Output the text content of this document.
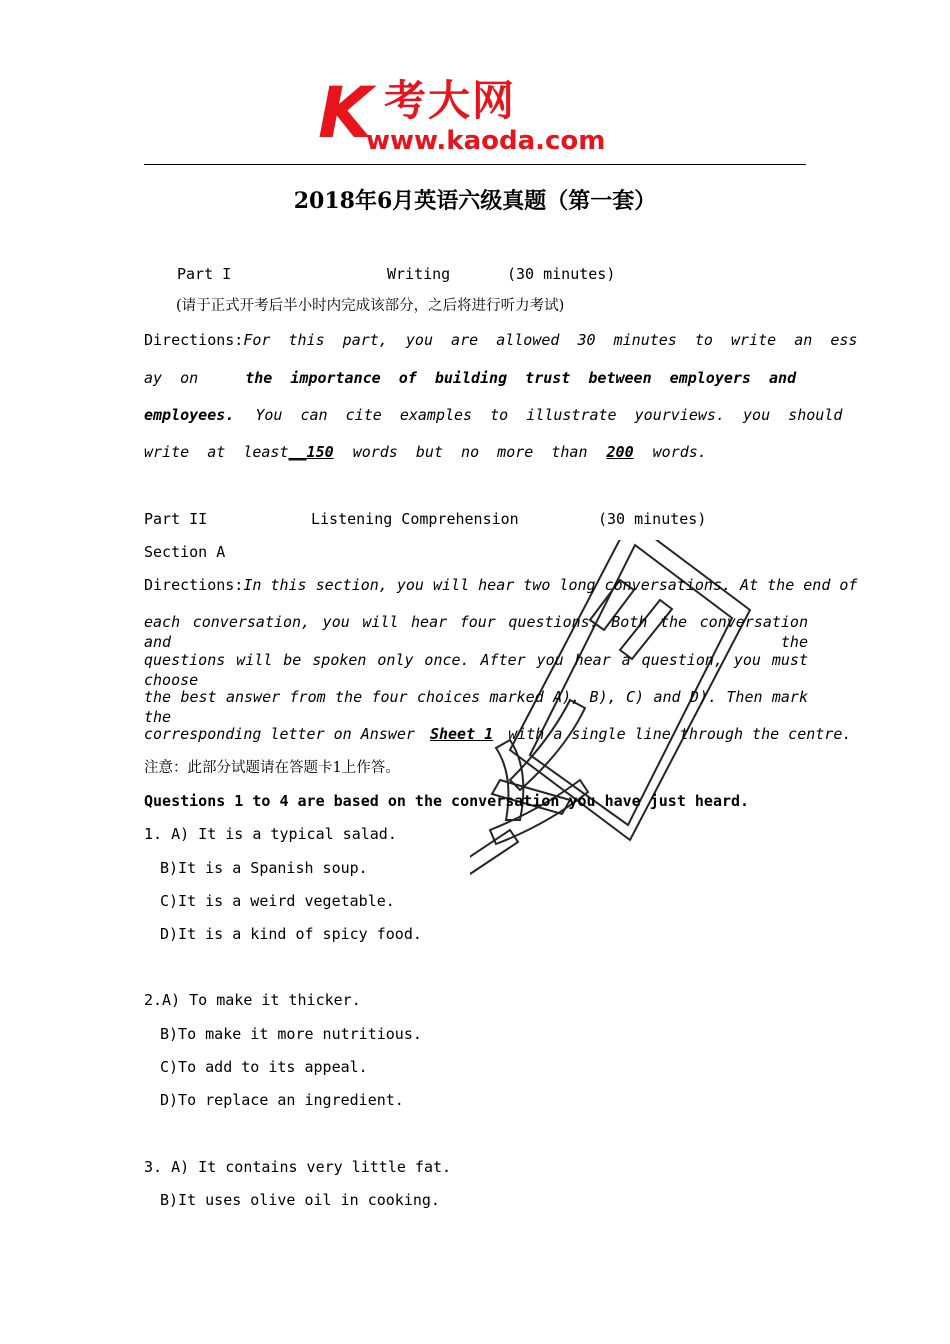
K 考大网
www.kaoda.com
2018年6月英语六级真题（第一套）
Part I	Writing	(30 minutes)
(请于正式开考后半小时内完成该部分，之后将进行听力考试)
Directions:For  this  part,  you  are  allowed  30  minutes  to  write  an  ess
ay  on	the  importance  of  building  trust  between  employers  and
employees. You  can  cite  examples  to  illustrate  yourviews.  you  should
write  at  least__150 words  but  no  more  than 200 words.
Part II	Listening Comprehension	(30 minutes)
Section A
Directions:In this section, you will hear two long conversations. At the end of
each conversation, you will hear four questions. Both the conversation and the
questions will be spoken only once. After you hear a question, you must choose
the best answer from the four choices marked A), B), C) and D). Then mark the
corresponding letter on Answer Sheet 1 with a single line through the centre.
注意：此部分试题请在答题卡1上作答。
Questions 1 to 4 are based on the conversation you have just heard.
1. A) It is a typical salad.
B)It is a Spanish soup.
C)It is a weird vegetable.
D)It is a kind of spicy food.
2.A) To make it thicker.
B)To make it more nutritious.
C)To add to its appeal.
D)To replace an ingredient.
3. A) It contains very little fat.
B)It uses olive oil in cooking.
